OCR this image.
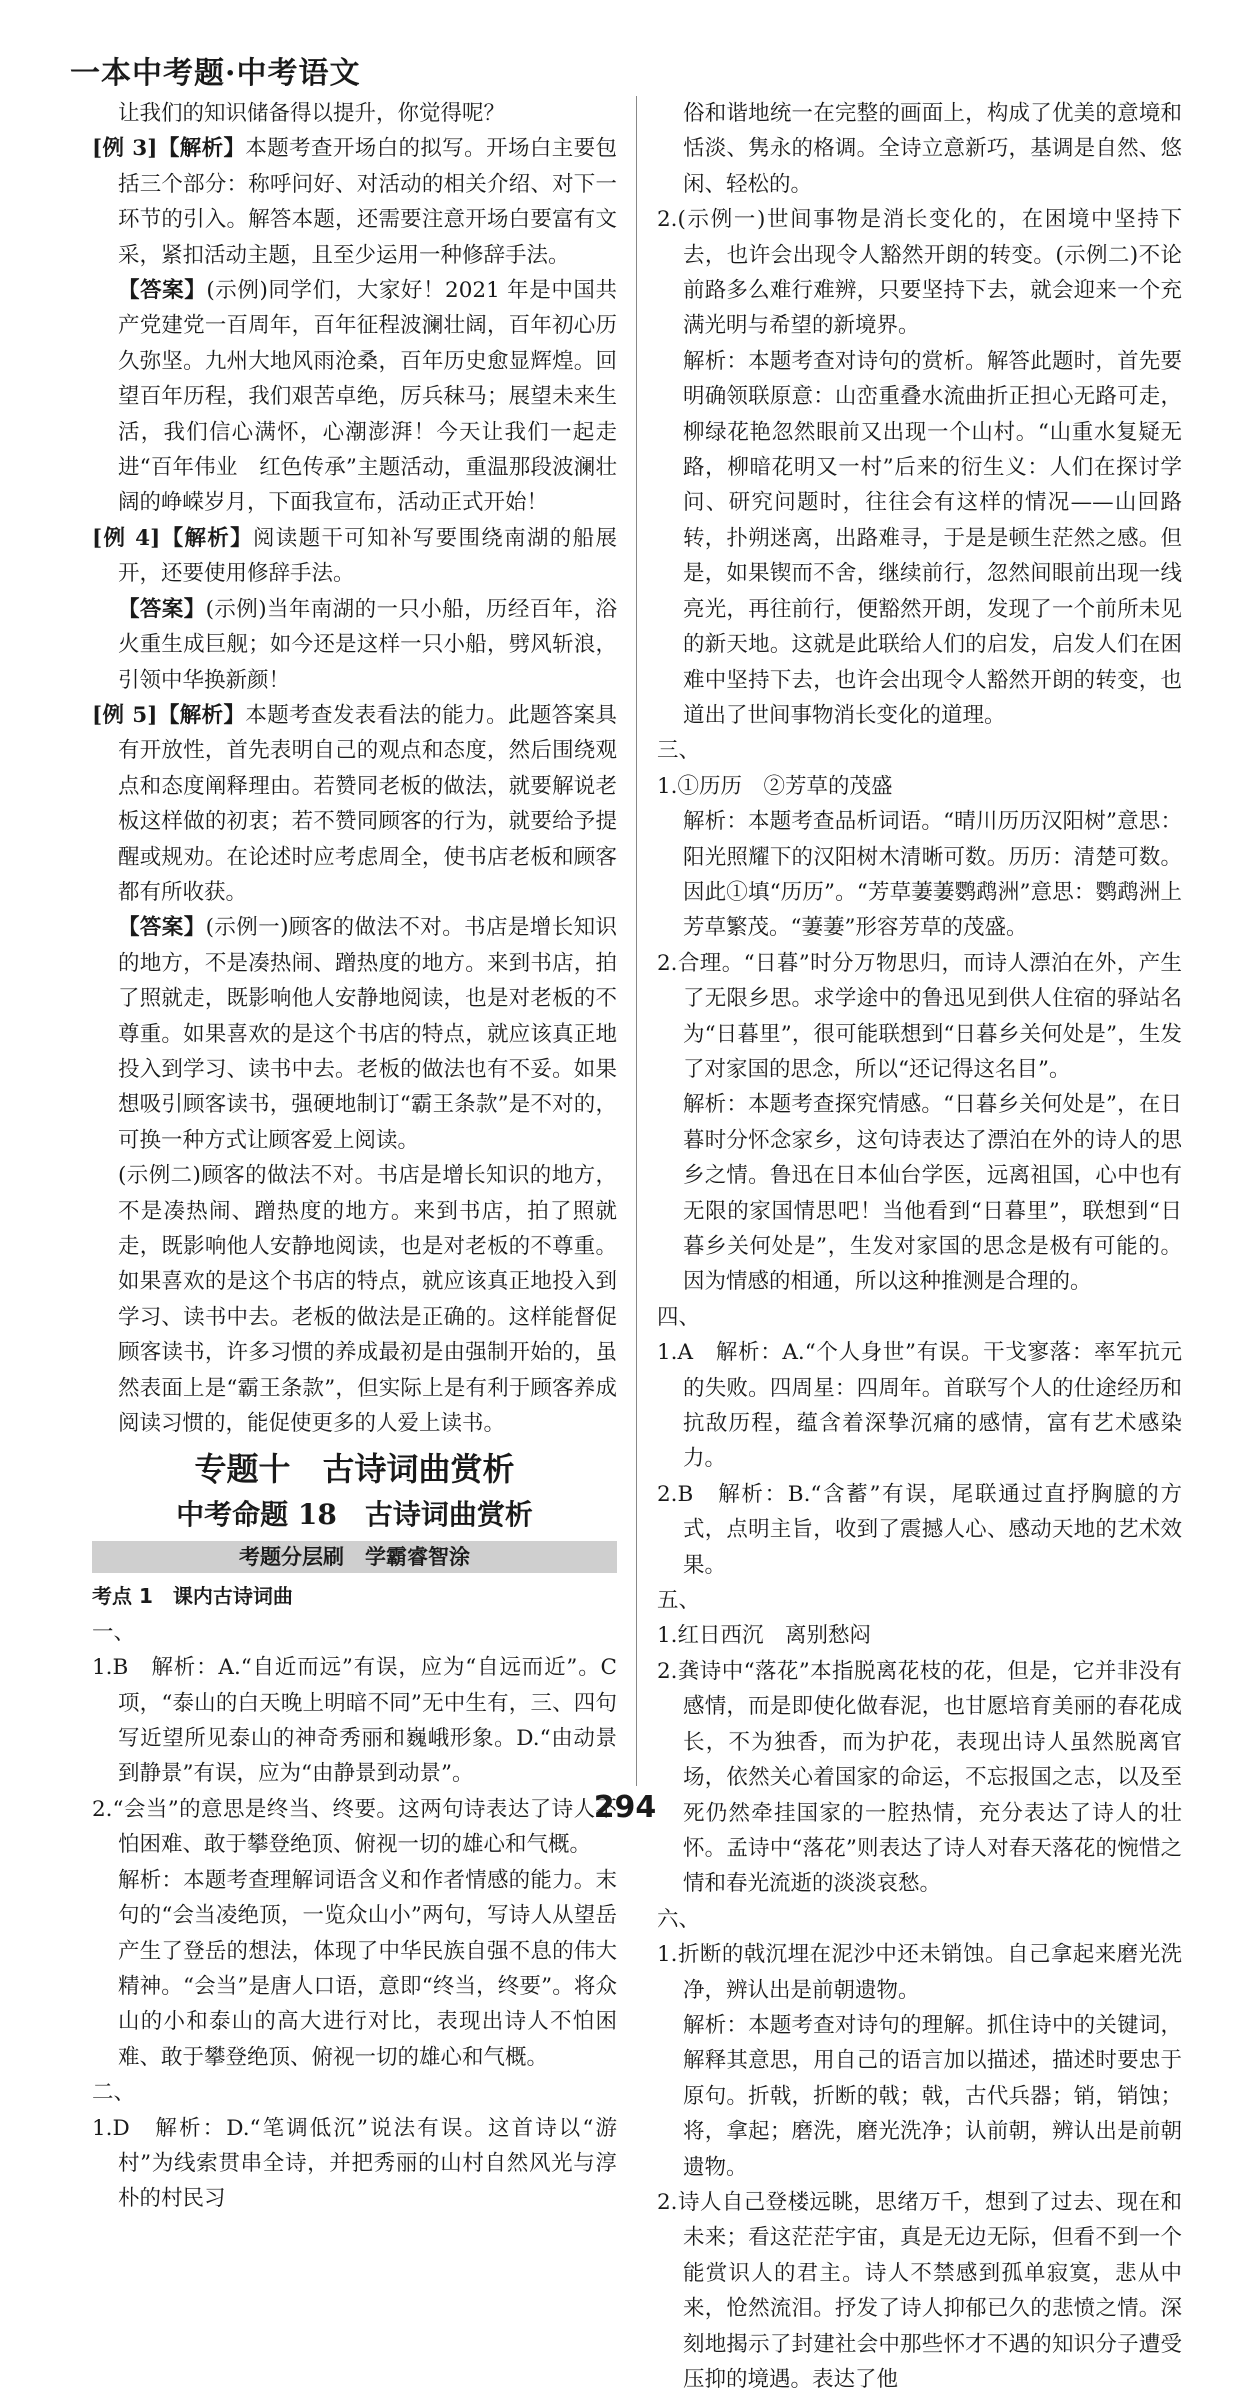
一本中考题·中考语文

让我们的知识储备得以提升，你觉得呢？

[例 3]【解析】本题考查开场白的拟写。开场白主要包括三个部分：称呼问好、对活动的相关介绍、对下一环节的引入。解答本题，还需要注意开场白要富有文采，紧扣活动主题，且至少运用一种修辞手法。

【答案】(示例)同学们，大家好！2021 年是中国共产党建党一百周年，百年征程波澜壮阔，百年初心历久弥坚。九州大地风雨沧桑，百年历史愈显辉煌。回望百年历程，我们艰苦卓绝，厉兵秣马；展望未来生活，我们信心满怀，心潮澎湃！今天让我们一起走进“百年伟业　红色传承”主题活动，重温那段波澜壮阔的峥嵘岁月，下面我宣布，活动正式开始！

[例 4]【解析】阅读题干可知补写要围绕南湖的船展开，还要使用修辞手法。

【答案】(示例)当年南湖的一只小船，历经百年，浴火重生成巨舰；如今还是这样一只小船，劈风斩浪，引领中华换新颜！

[例 5]【解析】本题考查发表看法的能力。此题答案具有开放性，首先表明自己的观点和态度，然后围绕观点和态度阐释理由。若赞同老板的做法，就要解说老板这样做的初衷；若不赞同顾客的行为，就要给予提醒或规劝。在论述时应考虑周全，使书店老板和顾客都有所收获。

【答案】(示例一)顾客的做法不对。书店是增长知识的地方，不是凑热闹、蹭热度的地方。来到书店，拍了照就走，既影响他人安静地阅读，也是对老板的不尊重。如果喜欢的是这个书店的特点，就应该真正地投入到学习、读书中去。老板的做法也有不妥。如果想吸引顾客读书，强硬地制订“霸王条款”是不对的，可换一种方式让顾客爱上阅读。

(示例二)顾客的做法不对。书店是增长知识的地方，不是凑热闹、蹭热度的地方。来到书店，拍了照就走，既影响他人安静地阅读，也是对老板的不尊重。如果喜欢的是这个书店的特点，就应该真正地投入到学习、读书中去。老板的做法是正确的。这样能督促顾客读书，许多习惯的养成最初是由强制开始的，虽然表面上是“霸王条款”，但实际上是有利于顾客养成阅读习惯的，能促使更多的人爱上读书。

专题十　古诗词曲赏析
中考命题 18　古诗词曲赏析
考题分层刷　学霸睿智涂

考点 1　课内古诗词曲

一、

1.B　解析：A.“自近而远”有误，应为“自远而近”。C项，“泰山的白天晚上明暗不同”无中生有，三、四句写近望所见泰山的神奇秀丽和巍峨形象。D.“由动景到静景”有误，应为“由静景到动景”。

2.“会当”的意思是终当、终要。这两句诗表达了诗人不怕困难、敢于攀登绝顶、俯视一切的雄心和气概。

解析：本题考查理解词语含义和作者情感的能力。末句的“会当凌绝顶，一览众山小”两句，写诗人从望岳产生了登岳的想法，体现了中华民族自强不息的伟大精神。“会当”是唐人口语，意即“终当，终要”。将众山的小和泰山的高大进行对比，表现出诗人不怕困难、敢于攀登绝顶、俯视一切的雄心和气概。

二、

1.D　解析：D.“笔调低沉”说法有误。这首诗以“游村”为线索贯串全诗，并把秀丽的山村自然风光与淳朴的村民习

俗和谐地统一在完整的画面上，构成了优美的意境和恬淡、隽永的格调。全诗立意新巧，基调是自然、悠闲、轻松的。

2.(示例一)世间事物是消长变化的，在困境中坚持下去，也许会出现令人豁然开朗的转变。(示例二)不论前路多么难行难辨，只要坚持下去，就会迎来一个充满光明与希望的新境界。

解析：本题考查对诗句的赏析。解答此题时，首先要明确领联原意：山峦重叠水流曲折正担心无路可走，柳绿花艳忽然眼前又出现一个山村。“山重水复疑无路，柳暗花明又一村”后来的衍生义：人们在探讨学问、研究问题时，往往会有这样的情况——山回路转，扑朔迷离，出路难寻，于是是顿生茫然之感。但是，如果锲而不舍，继续前行，忽然间眼前出现一线亮光，再往前行，便豁然开朗，发现了一个前所未见的新天地。这就是此联给人们的启发，启发人们在困难中坚持下去，也许会出现令人豁然开朗的转变，也道出了世间事物消长变化的道理。

三、

1.①历历　②芳草的茂盛

解析：本题考查品析词语。“晴川历历汉阳树”意思：阳光照耀下的汉阳树木清晰可数。历历：清楚可数。因此①填“历历”。“芳草萋萋鹦鹉洲”意思：鹦鹉洲上芳草繁茂。“萋萋”形容芳草的茂盛。

2.合理。“日暮”时分万物思归，而诗人漂泊在外，产生了无限乡思。求学途中的鲁迅见到供人住宿的驿站名为“日暮里”，很可能联想到“日暮乡关何处是”，生发了对家国的思念，所以“还记得这名目”。

解析：本题考查探究情感。“日暮乡关何处是”，在日暮时分怀念家乡，这句诗表达了漂泊在外的诗人的思乡之情。鲁迅在日本仙台学医，远离祖国，心中也有无限的家国情思吧！当他看到“日暮里”，联想到“日暮乡关何处是”，生发对家国的思念是极有可能的。因为情感的相通，所以这种推测是合理的。

四、

1.A　解析：A.“个人身世”有误。干戈寥落：率军抗元的失败。四周星：四周年。首联写个人的仕途经历和抗敌历程，蕴含着深挚沉痛的感情，富有艺术感染力。

2.B　解析：B.“含蓄”有误，尾联通过直抒胸臆的方式，点明主旨，收到了震撼人心、感动天地的艺术效果。

五、

1.红日西沉　离别愁闷

2.龚诗中“落花”本指脱离花枝的花，但是，它并非没有感情，而是即使化做春泥，也甘愿培育美丽的春花成长，不为独香，而为护花，表现出诗人虽然脱离官场，依然关心着国家的命运，不忘报国之志，以及至死仍然牵挂国家的一腔热情，充分表达了诗人的壮怀。孟诗中“落花”则表达了诗人对春天落花的惋惜之情和春光流逝的淡淡哀愁。

六、

1.折断的戟沉埋在泥沙中还未销蚀。自己拿起来磨光洗净，辨认出是前朝遗物。

解析：本题考查对诗句的理解。抓住诗中的关键词，解释其意思，用自己的语言加以描述，描述时要忠于原句。折戟，折断的戟；戟，古代兵器；销，销蚀；将，拿起；磨洗，磨光洗净；认前朝，辨认出是前朝遗物。

2.诗人自己登楼远眺，思绪万千，想到了过去、现在和未来；看这茫茫宇宙，真是无边无际，但看不到一个能赏识人的君主。诗人不禁感到孤单寂寞，悲从中来，怆然流泪。抒发了诗人抑郁已久的悲愤之情。深刻地揭示了封建社会中那些怀才不遇的知识分子遭受压抑的境遇。表达了他

294
